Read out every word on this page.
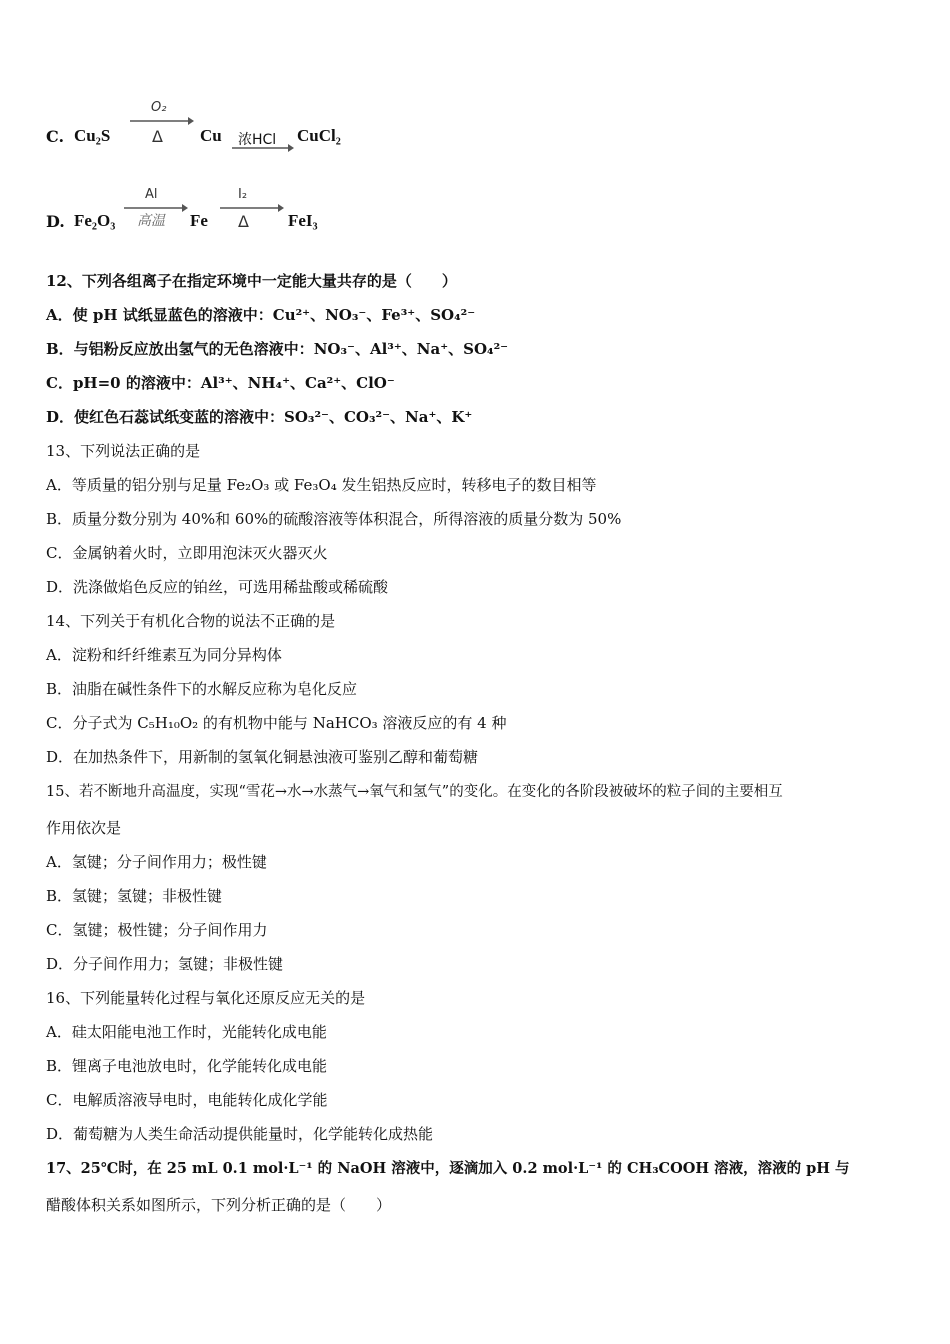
C. Cu₂S
O₂
Δ Cu 浓HCl CuCl₂
D. Fe₂O₃
Al
高温 Fe
I₂
Δ FeI₃
12、下列各组离子在指定环境中一定能大量共存的是（　　）
A．使 pH 试纸显蓝色的溶液中：Cu²⁺、NO₃⁻、Fe³⁺、SO₄²⁻
B．与铝粉反应放出氢气的无色溶液中：NO₃⁻、Al³⁺、Na⁺、SO₄²⁻
C．pH=0 的溶液中：Al³⁺、NH₄⁺、Ca²⁺、ClO⁻
D．使红色石蕊试纸变蓝的溶液中：SO₃²⁻、CO₃²⁻、Na⁺、K⁺
13、下列说法正确的是
A．等质量的铝分别与足量 Fe₂O₃ 或 Fe₃O₄ 发生铝热反应时，转移电子的数目相等
B．质量分数分别为 40%和 60%的硫酸溶液等体积混合，所得溶液的质量分数为 50%
C．金属钠着火时，立即用泡沫灭火器灭火
D．洗涤做焰色反应的铂丝，可选用稀盐酸或稀硫酸
14、下列关于有机化合物的说法不正确的是
A．淀粉和纤纤维素互为同分异构体
B．油脂在碱性条件下的水解反应称为皂化反应
C．分子式为 C₅H₁₀O₂ 的有机物中能与 NaHCO₃ 溶液反应的有 4 种
D．在加热条件下，用新制的氢氧化铜悬浊液可鉴别乙醇和葡萄糖
15、若不断地升高温度，实现“雪花→水→水蒸气→氧气和氢气”的变化。在变化的各阶段被破坏的粒子间的主要相互
作用依次是
A．氢键；分子间作用力；极性键
B．氢键；氢键；非极性键
C．氢键；极性键；分子间作用力
D．分子间作用力；氢键；非极性键
16、下列能量转化过程与氧化还原反应无关的是
A．硅太阳能电池工作时，光能转化成电能
B．锂离子电池放电时，化学能转化成电能
C．电解质溶液导电时，电能转化成化学能
D．葡萄糖为人类生命活动提供能量时，化学能转化成热能
17、25℃时，在 25 mL 0.1 mol·L⁻¹ 的 NaOH 溶液中，逐滴加入 0.2 mol·L⁻¹ 的 CH₃COOH 溶液，溶液的 pH 与
醋酸体积关系如图所示，下列分析正确的是（　　）
